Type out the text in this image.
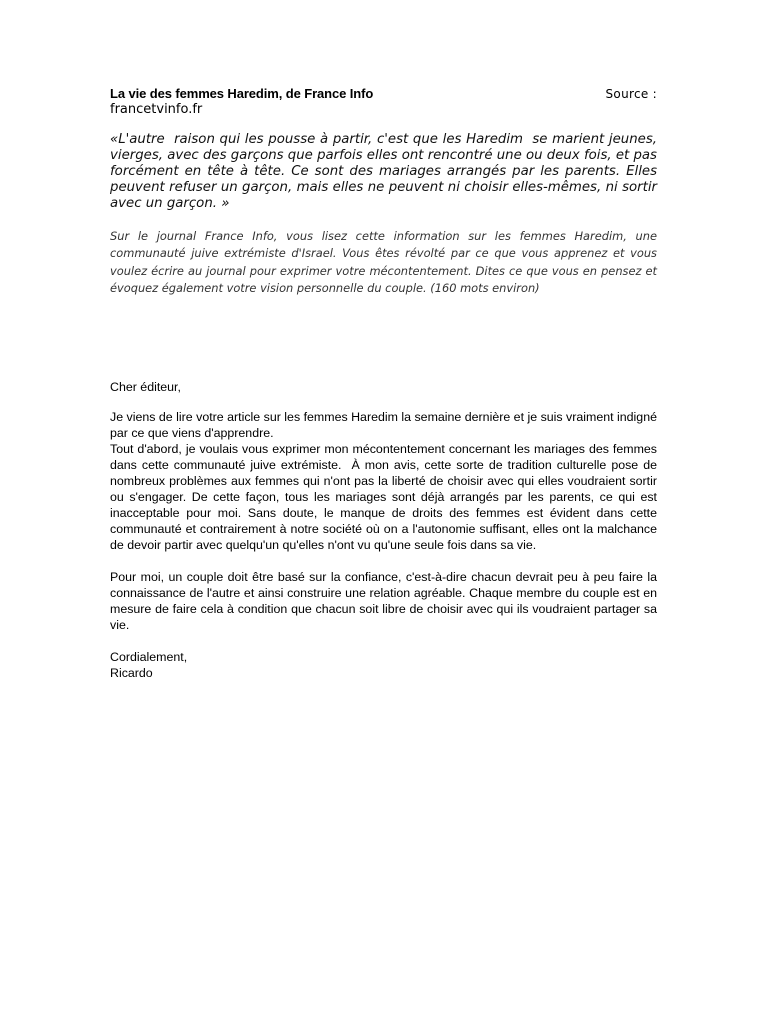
La vie des femmes Haredim, de France Info	Source :
francetvinfo.fr
«L'autre  raison qui les pousse à partir, c'est que les Haredim  se marient jeunes, vierges, avec des garçons que parfois elles ont rencontré une ou deux fois, et pas forcément en tête à tête. Ce sont des mariages arrangés par les parents. Elles peuvent refuser un garçon, mais elles ne peuvent ni choisir elles-mêmes, ni sortir avec un garçon. »
Sur le journal France Info, vous lisez cette information sur les femmes Haredim, une communauté juive extrémiste d'Israel. Vous êtes révolté par ce que vous apprenez et vous voulez écrire au journal pour exprimer votre mécontentement. Dites ce que vous en pensez et évoquez également votre vision personnelle du couple. (160 mots environ)

Cher éditeur,

Je viens de lire votre article sur les femmes Haredim la semaine dernière et je suis vraiment indigné par ce que viens d'apprendre.

Tout d'abord, je voulais vous exprimer mon mécontentement concernant les mariages des femmes dans cette communauté juive extrémiste.  À mon avis, cette sorte de tradition culturelle pose de nombreux problèmes aux femmes qui n'ont pas la liberté de choisir avec qui elles voudraient sortir ou s'engager. De cette façon, tous les mariages sont déjà arrangés par les parents, ce qui est inacceptable pour moi. Sans doute, le manque de droits des femmes est évident dans cette communauté et contrairement à notre société où on a l'autonomie suffisant, elles ont la malchance de devoir partir avec quelqu'un qu'elles n'ont vu qu'une seule fois dans sa vie.

Pour moi, un couple doit être basé sur la confiance, c'est-à-dire chacun devrait peu à peu faire la connaissance de l'autre et ainsi construire une relation agréable. Chaque membre du couple est en mesure de faire cela à condition que chacun soit libre de choisir avec qui ils voudraient partager sa vie.

Cordialement,

Ricardo
